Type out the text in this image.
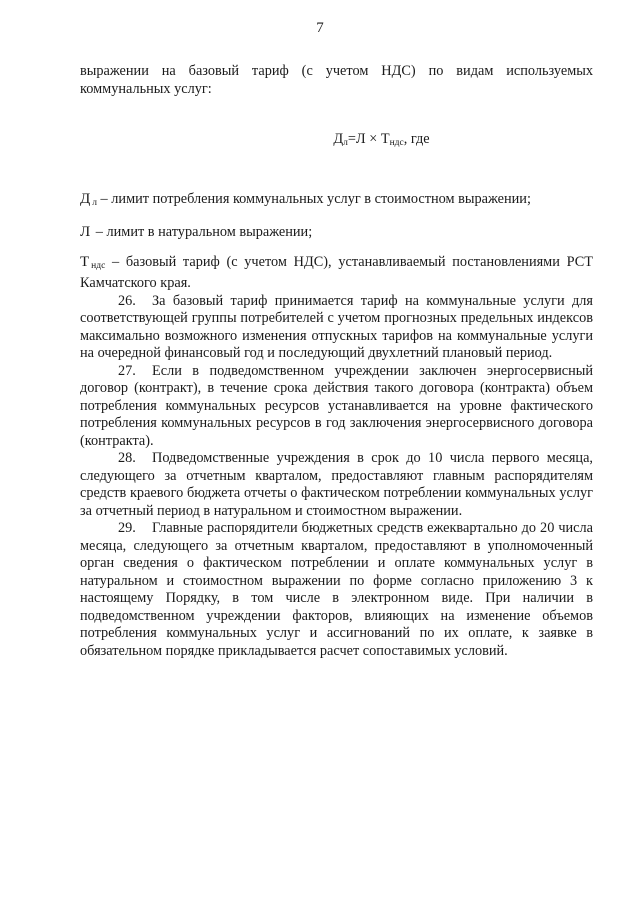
7

выражении на базовый тариф (с учетом НДС) по видам используемых коммунальных услуг:

$Д_л=Л \times Т_{ндс}$, где

Д $_л$ – лимит потребления коммунальных услуг в стоимостном выражении;

Л – лимит в натуральном выражении;

Т $_{ндс}$ – базовый тариф (с учетом НДС), устанавливаемый постановлениями РСТ Камчатского края.

26. За базовый тариф принимается тариф на коммунальные услуги для соответствующей группы потребителей с учетом прогнозных предельных индексов максимально возможного изменения отпускных тарифов на коммунальные услуги на очередной финансовый год и последующий двухлетний плановый период.

27. Если в подведомственном учреждении заключен энергосервисный договор (контракт), в течение срока действия такого договора (контракта) объем потребления коммунальных ресурсов устанавливается на уровне фактического потребления коммунальных ресурсов в год заключения энергосервисного договора (контракта).

28. Подведомственные учреждения в срок до 10 числа первого месяца, следующего за отчетным кварталом, предоставляют главным распорядителям средств краевого бюджета отчеты о фактическом потреблении коммунальных услуг за отчетный период в натуральном и стоимостном выражении.

29. Главные распорядители бюджетных средств ежеквартально до 20 числа месяца, следующего за отчетным кварталом, предоставляют в уполномоченный орган сведения о фактическом потреблении и оплате коммунальных услуг в натуральном и стоимостном выражении по форме согласно приложению 3 к настоящему Порядку, в том числе в электронном виде. При наличии в подведомственном учреждении факторов, влияющих на изменение объемов потребления коммунальных услуг и ассигнований по их оплате, к заявке в обязательном порядке прикладывается расчет сопоставимых условий.
